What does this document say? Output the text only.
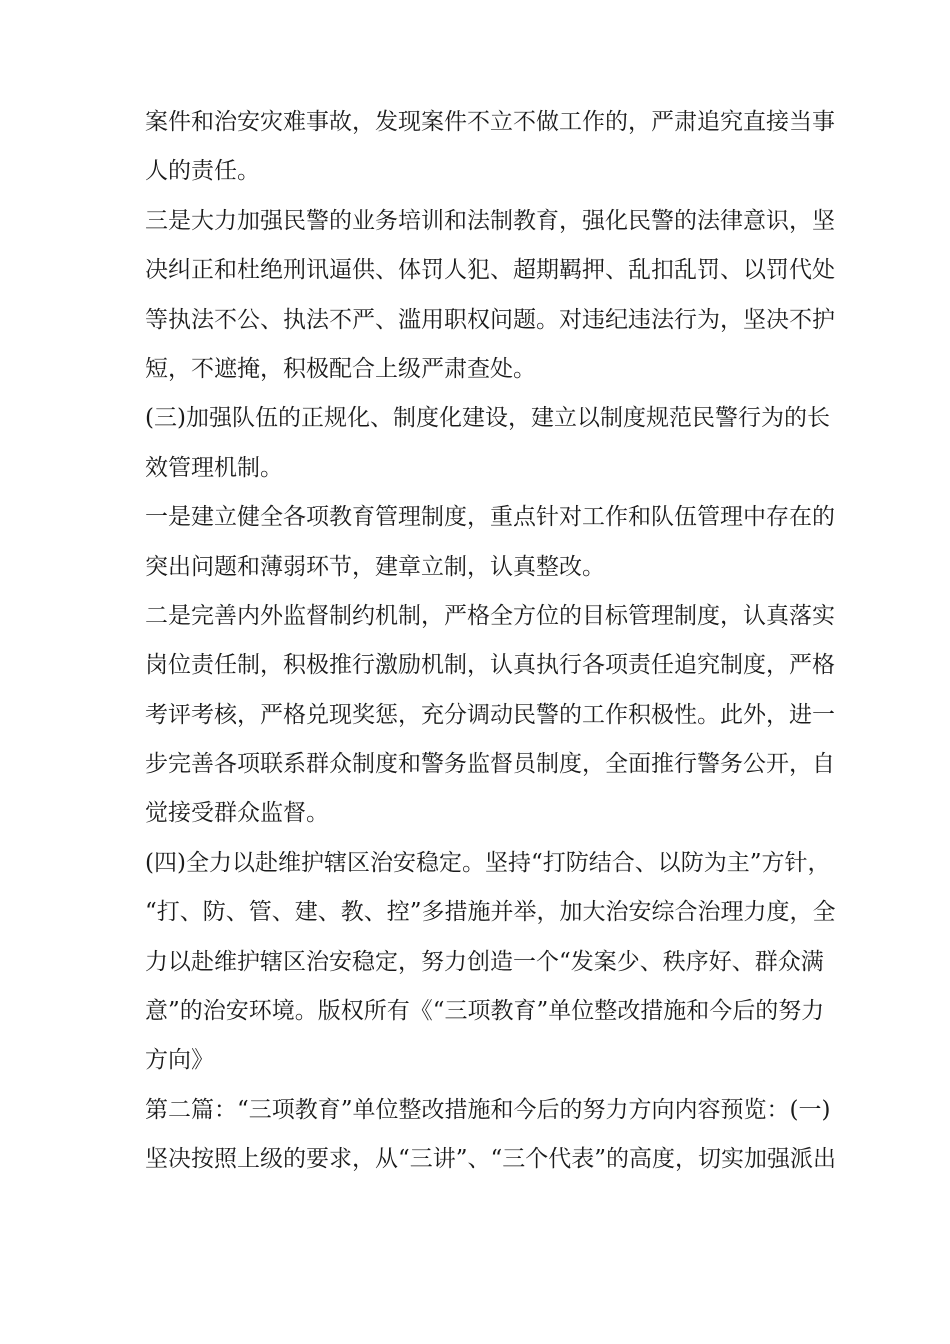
案件和治安灾难事故，发现案件不立不做工作的，严肃追究直接当事
人的责任。
三是大力加强民警的业务培训和法制教育，强化民警的法律意识，坚
决纠正和杜绝刑讯逼供、体罚人犯、超期羁押、乱扣乱罚、以罚代处
等执法不公、执法不严、滥用职权问题。对违纪违法行为，坚决不护
短，不遮掩，积极配合上级严肃查处。
(三)加强队伍的正规化、制度化建设，建立以制度规范民警行为的长
效管理机制。
一是建立健全各项教育管理制度，重点针对工作和队伍管理中存在的
突出问题和薄弱环节，建章立制，认真整改。
二是完善内外监督制约机制，严格全方位的目标管理制度，认真落实
岗位责任制，积极推行激励机制，认真执行各项责任追究制度，严格
考评考核，严格兑现奖惩，充分调动民警的工作积极性。此外，进一
步完善各项联系群众制度和警务监督员制度，全面推行警务公开，自
觉接受群众监督。
(四)全力以赴维护辖区治安稳定。坚持“打防结合、以防为主”方针，
“打、防、管、建、教、控”多措施并举，加大治安综合治理力度，全
力以赴维护辖区治安稳定，努力创造一个“发案少、秩序好、群众满
意”的治安环境。版权所有《“三项教育”单位整改措施和今后的努力
方向》
第二篇：“三项教育”单位整改措施和今后的努力方向内容预览：(一)
坚决按照上级的要求，从“三讲”、“三个代表”的高度，切实加强派出
